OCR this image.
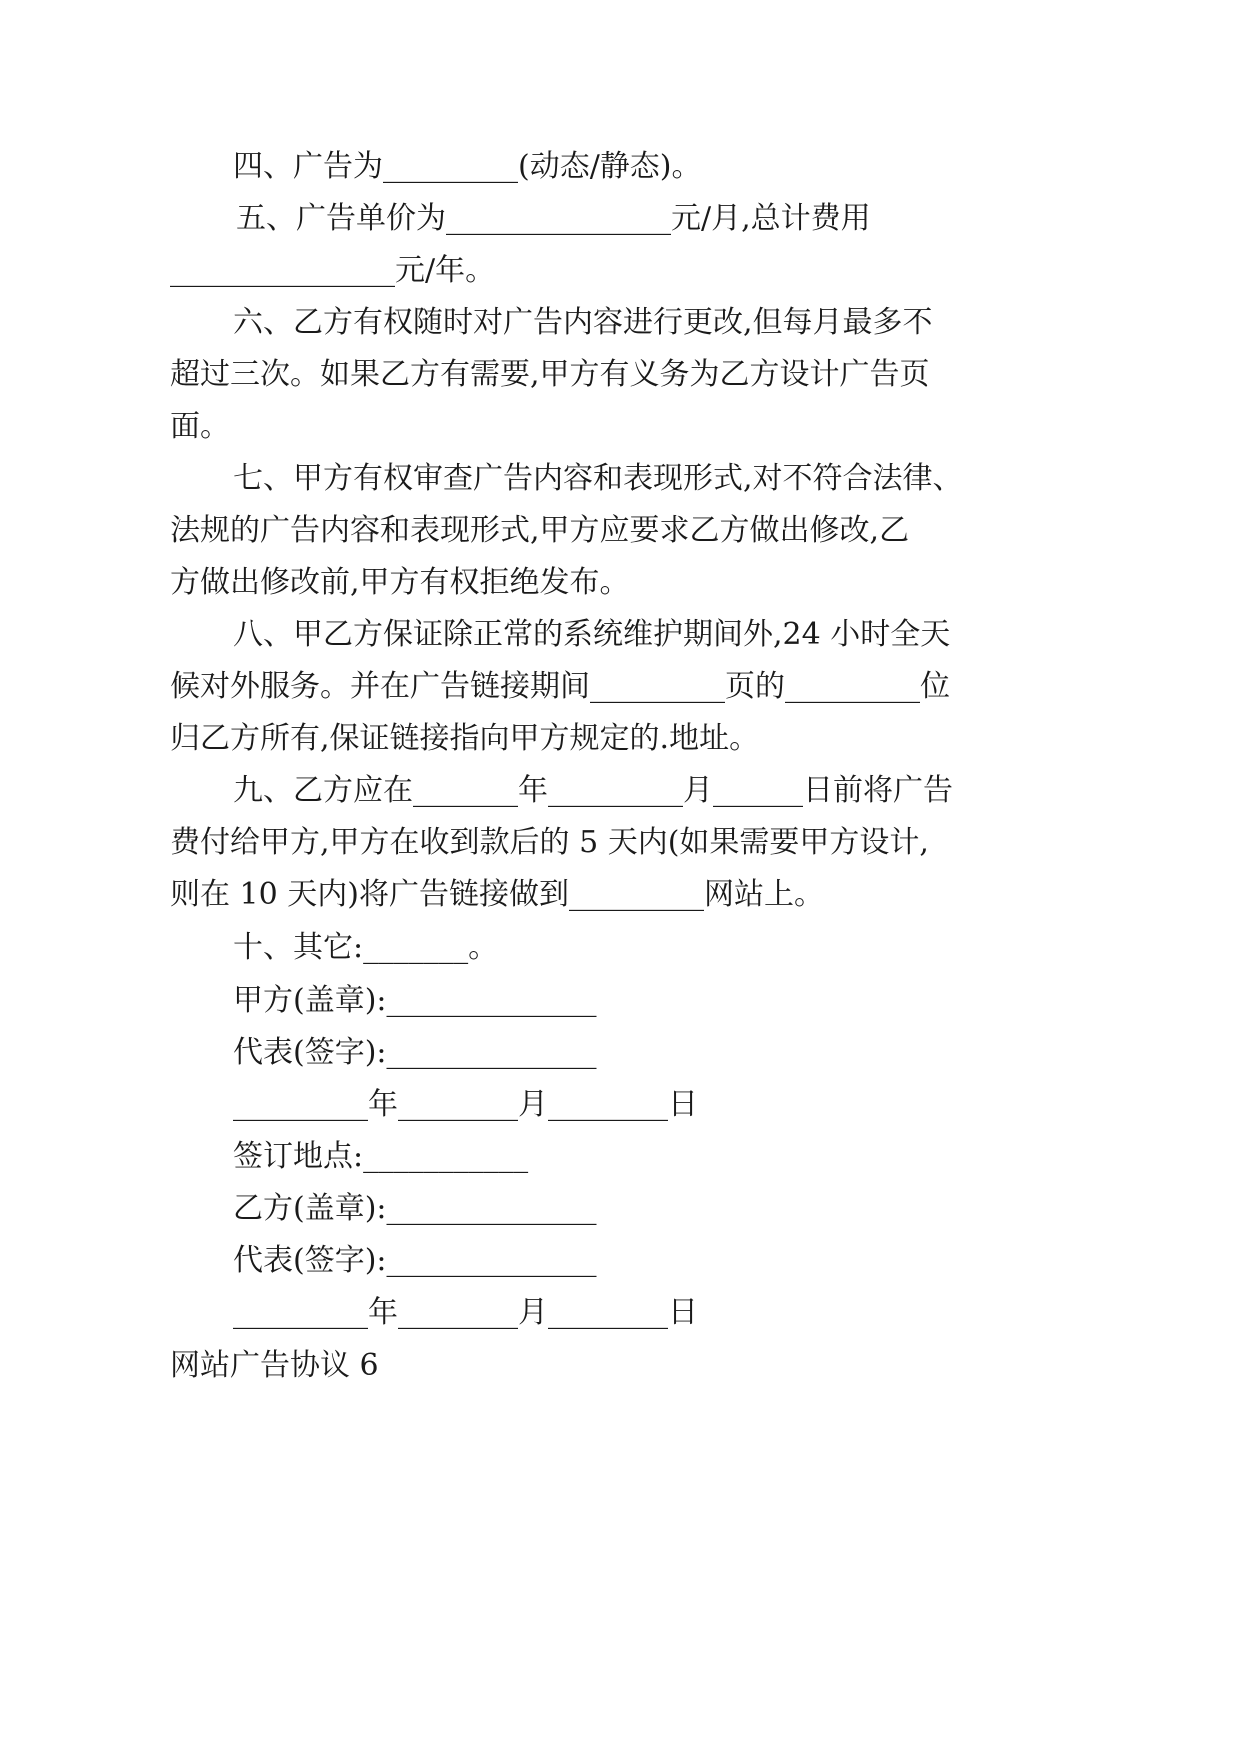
四、广告为_________(动态/静态)。
五、广告单价为_______________元/月,总计费用
_______________元/年。
六、乙方有权随时对广告内容进行更改,但每月最多不
超过三次。如果乙方有需要,甲方有义务为乙方设计广告页
面。
七、甲方有权审查广告内容和表现形式,对不符合法律、
法规的广告内容和表现形式,甲方应要求乙方做出修改,乙
方做出修改前,甲方有权拒绝发布。
八、甲乙方保证除正常的系统维护期间外,24 小时全天
候对外服务。并在广告链接期间_________页的_________位
归乙方所有,保证链接指向甲方规定的.地址。
九、乙方应在_______年_________月______日前将广告
费付给甲方,甲方在收到款后的 5 天内(如果需要甲方设计,
则在 10 天内)将广告链接做到_________网站上。
十、其它:_______。
甲方(盖章):______________
代表(签字):______________
_________年________月________日
签订地点:___________
乙方(盖章):______________
代表(签字):______________
_________年________月________日
网站广告协议 6
